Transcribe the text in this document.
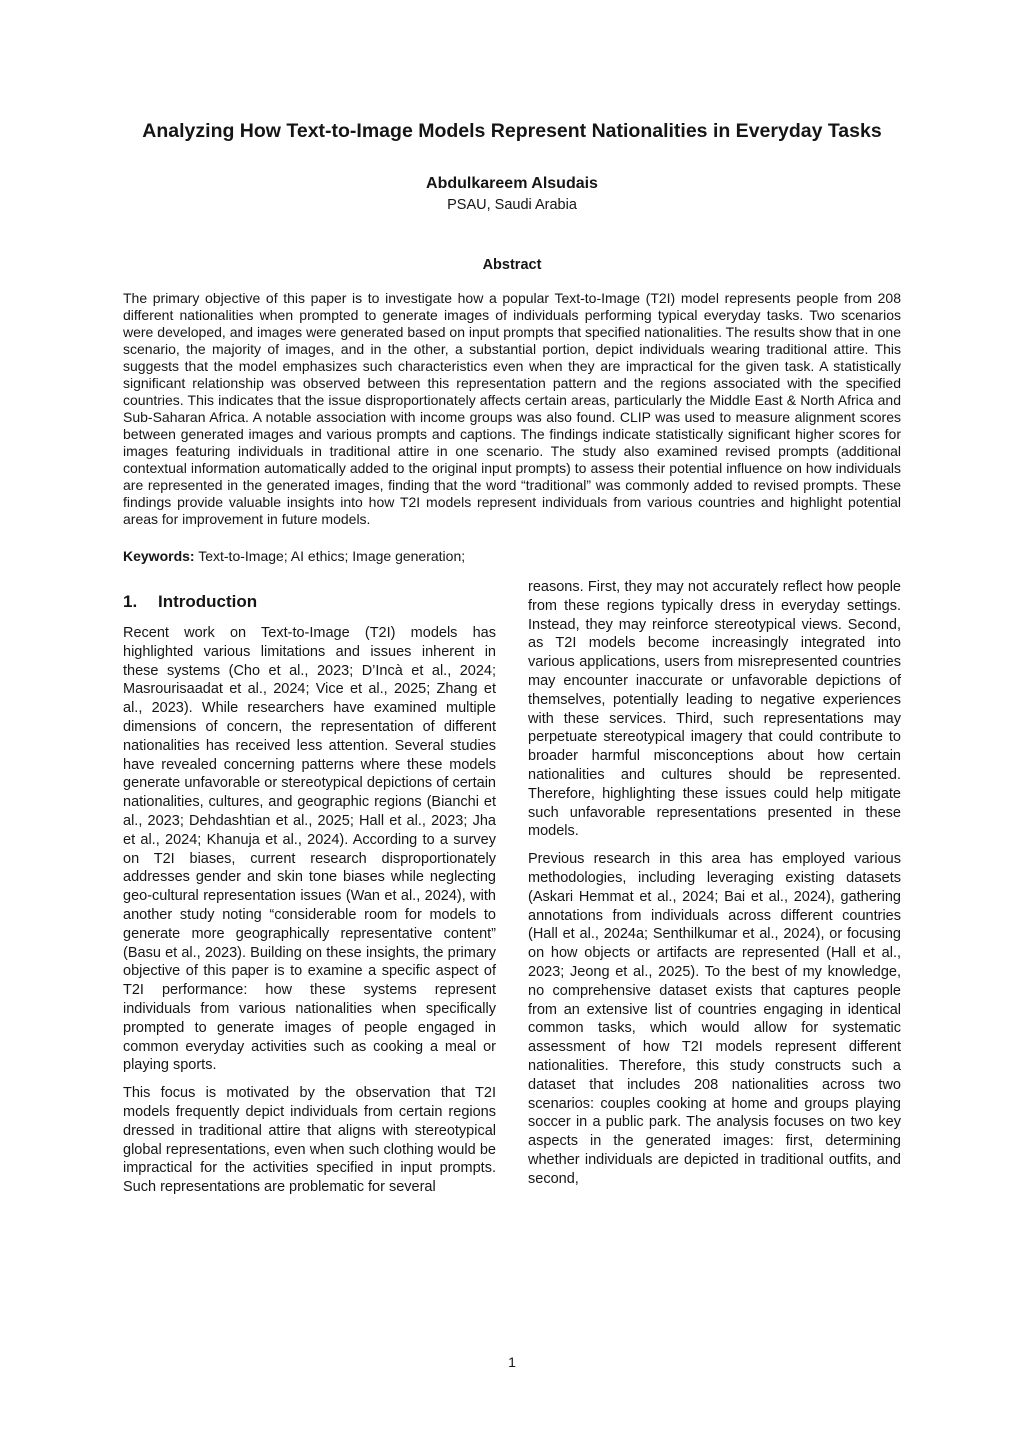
Analyzing How Text-to-Image Models Represent Nationalities in Everyday Tasks
Abdulkareem Alsudais
PSAU, Saudi Arabia
Abstract

The primary objective of this paper is to investigate how a popular Text-to-Image (T2I) model represents people from 208 different nationalities when prompted to generate images of individuals performing typical everyday tasks. Two scenarios were developed, and images were generated based on input prompts that specified nationalities. The results show that in one scenario, the majority of images, and in the other, a substantial portion, depict individuals wearing traditional attire. This suggests that the model emphasizes such characteristics even when they are impractical for the given task. A statistically significant relationship was observed between this representation pattern and the regions associated with the specified countries. This indicates that the issue disproportionately affects certain areas, particularly the Middle East & North Africa and Sub-Saharan Africa. A notable association with income groups was also found. CLIP was used to measure alignment scores between generated images and various prompts and captions. The findings indicate statistically significant higher scores for images featuring individuals in traditional attire in one scenario. The study also examined revised prompts (additional contextual information automatically added to the original input prompts) to assess their potential influence on how individuals are represented in the generated images, finding that the word “traditional” was commonly added to revised prompts. These findings provide valuable insights into how T2I models represent individuals from various countries and highlight potential areas for improvement in future models.

Keywords: Text-to-Image; AI ethics; Image generation;

1. Introduction

Recent work on Text-to-Image (T2I) models has highlighted various limitations and issues inherent in these systems (Cho et al., 2023; D’Incà et al., 2024; Masrourisaadat et al., 2024; Vice et al., 2025; Zhang et al., 2023). While researchers have examined multiple dimensions of concern, the representation of different nationalities has received less attention. Several studies have revealed concerning patterns where these models generate unfavorable or stereotypical depictions of certain nationalities, cultures, and geographic regions (Bianchi et al., 2023; Dehdashtian et al., 2025; Hall et al., 2023; Jha et al., 2024; Khanuja et al., 2024). According to a survey on T2I biases, current research disproportionately addresses gender and skin tone biases while neglecting geo-cultural representation issues (Wan et al., 2024), with another study noting “considerable room for models to generate more geographically representative content” (Basu et al., 2023). Building on these insights, the primary objective of this paper is to examine a specific aspect of T2I performance: how these systems represent individuals from various nationalities when specifically prompted to generate images of people engaged in common everyday activities such as cooking a meal or playing sports.

This focus is motivated by the observation that T2I models frequently depict individuals from certain regions dressed in traditional attire that aligns with stereotypical global representations, even when such clothing would be impractical for the activities specified in input prompts. Such representations are problematic for several

reasons. First, they may not accurately reflect how people from these regions typically dress in everyday settings. Instead, they may reinforce stereotypical views. Second, as T2I models become increasingly integrated into various applications, users from misrepresented countries may encounter inaccurate or unfavorable depictions of themselves, potentially leading to negative experiences with these services. Third, such representations may perpetuate stereotypical imagery that could contribute to broader harmful misconceptions about how certain nationalities and cultures should be represented. Therefore, highlighting these issues could help mitigate such unfavorable representations presented in these models.

Previous research in this area has employed various methodologies, including leveraging existing datasets (Askari Hemmat et al., 2024; Bai et al., 2024), gathering annotations from individuals across different countries (Hall et al., 2024a; Senthilkumar et al., 2024), or focusing on how objects or artifacts are represented (Hall et al., 2023; Jeong et al., 2025). To the best of my knowledge, no comprehensive dataset exists that captures people from an extensive list of countries engaging in identical common tasks, which would allow for systematic assessment of how T2I models represent different nationalities. Therefore, this study constructs such a dataset that includes 208 nationalities across two scenarios: couples cooking at home and groups playing soccer in a public park. The analysis focuses on two key aspects in the generated images: first, determining whether individuals are depicted in traditional outfits, and second,

1
